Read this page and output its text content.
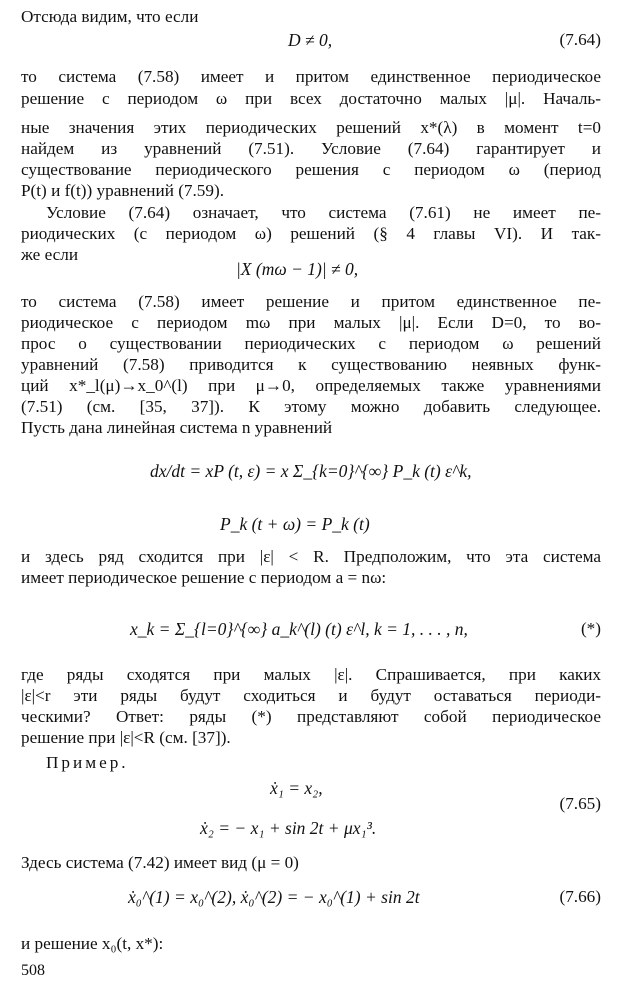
Отсюда видим, что если
D ≠ 0,	(7.64)
то система (7.58) имеет и притом единственное периодическое
решение с периодом ω при всех достаточно малых |μ|. Началь-
ные значения этих периодических решений x*(λ) в момент t=0
найдем из уравнений (7.51). Условие (7.64) гарантирует и
существование периодического решения с периодом ω (период
P(t) и f(t)) уравнений (7.59).
Условие (7.64) означает, что система (7.61) не имеет пе-
риодических (с периодом ω) решений (§ 4 главы VI). И так-
же если
|X (mω − 1)| ≠ 0,
то система (7.58) имеет решение и притом единственное пе-
риодическое с периодом mω при малых |μ|. Если D=0, то во-
прос о существовании периодических с периодом ω решений
уравнений (7.58) приводится к существованию неявных функ-
ций x*_l(μ)→x_0^(l) при μ→0, определяемых также уравнениями
(7.51) (см. [35, 37]). К этому можно добавить следующее.
Пусть дана линейная система n уравнений
dx/dt = xP (t, ε) = x Σ_{k=0}^{∞} P_k (t) ε^k,
P_k (t + ω) = P_k (t)
и здесь ряд сходится при |ε| < R. Предположим, что эта система
имеет периодическое решение с периодом a = nω:
x_k = Σ_{l=0}^{∞} a_k^(l) (t) ε^l, k = 1, . . . , n,	(*)
где ряды сходятся при малых |ε|. Спрашивается, при каких
|ε|<r эти ряды будут сходиться и будут оставаться периоди-
ческими? Ответ: ряды (*) представляют собой периодическое
решение при |ε|<R (см. [37]).
Пример.
ẋ₁ = x₂,
(7.65)
ẋ₂ = − x₁ + sin 2t + μx₁³.
Здесь система (7.42) имеет вид (μ = 0)
ẋ₀^(1) = x₀^(2), ẋ₀^(2) = − x₀^(1) + sin 2t	(7.66)
и решение x₀(t, x*):
508
